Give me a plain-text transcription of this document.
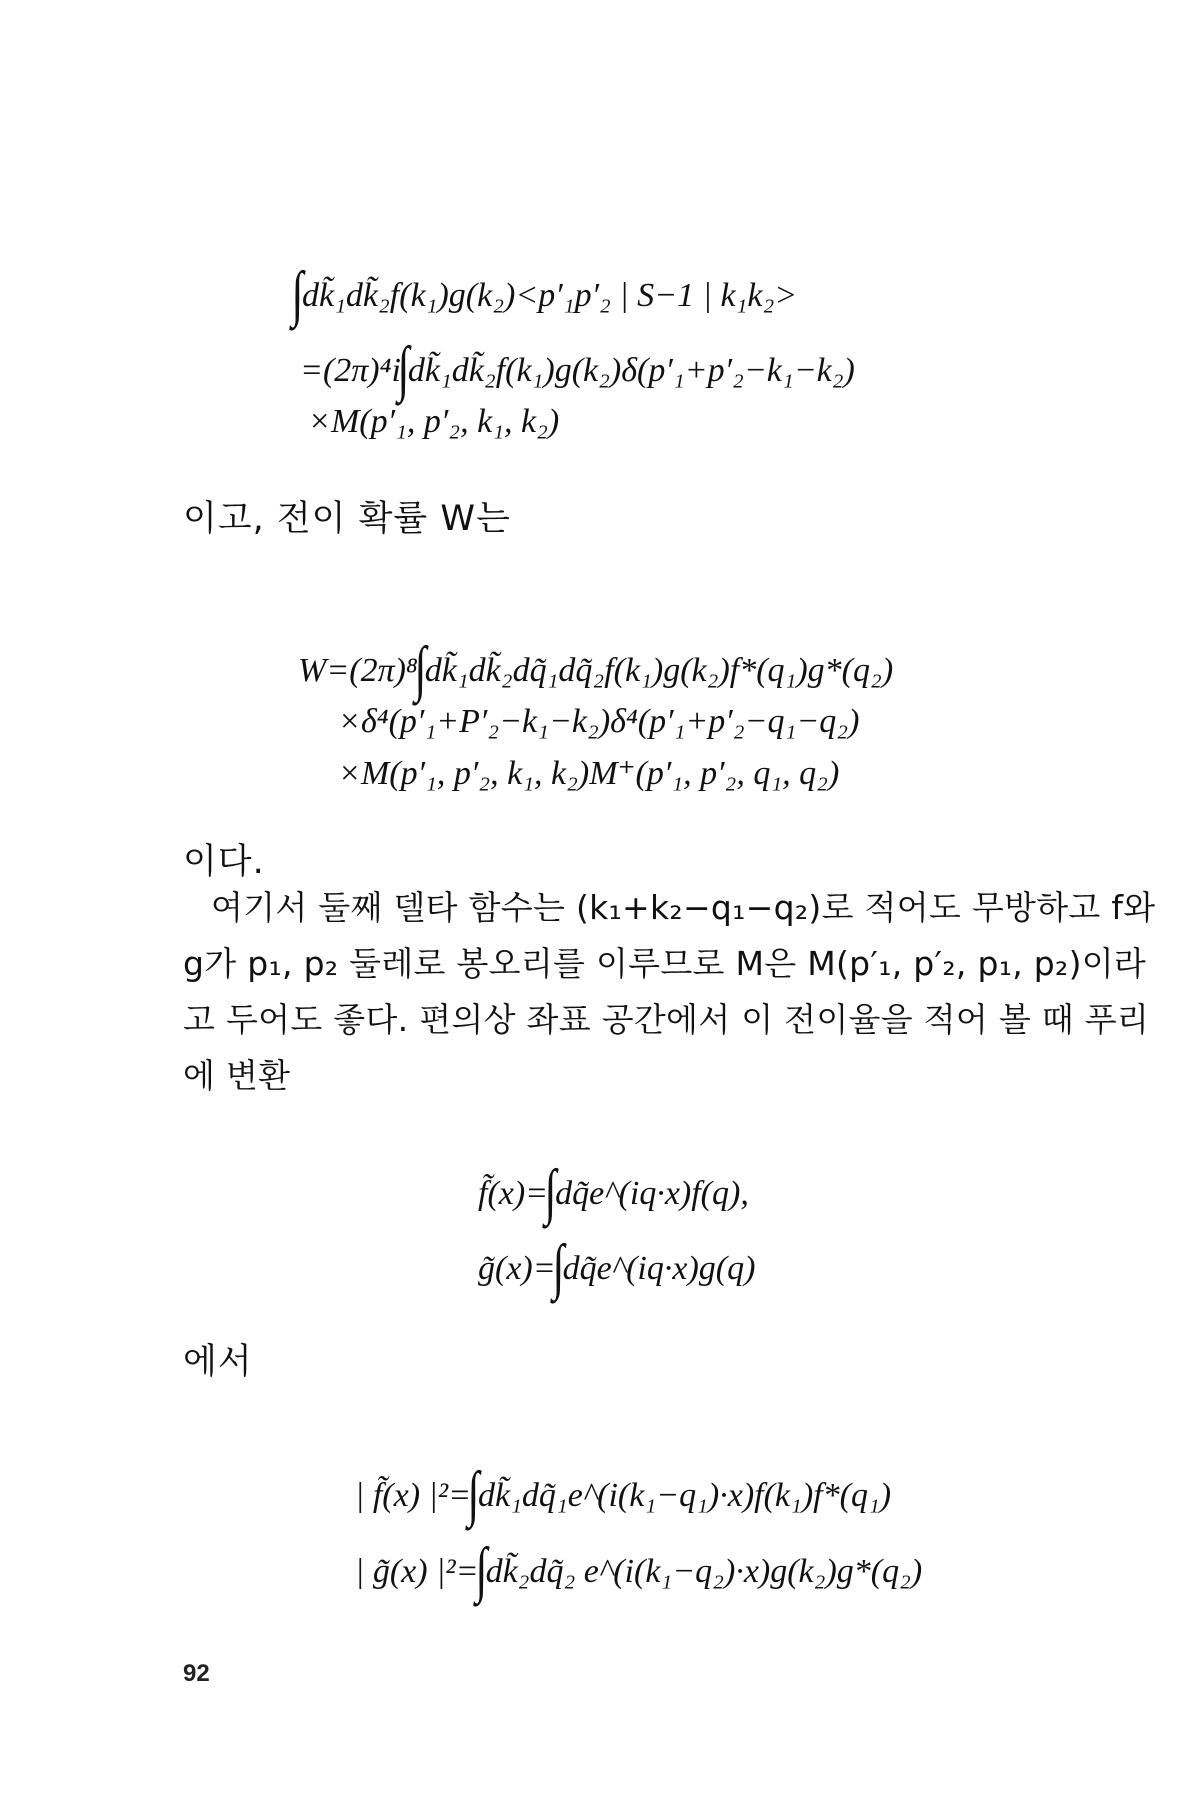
∫dk̃₁dk̃₂f(k₁)g(k₂)<p′₁p′₂ | S−1 | k₁k₂>
=(2π)⁴i∫dk̃₁dk̃₂f(k₁)g(k₂)δ(p′₁+p′₂−k₁−k₂)
×M(p′₁, p′₂, k₁, k₂)
이고, 전이 확률 W는
W=(2π)⁸∫dk̃₁dk̃₂dq̃₁dq̃₂f(k₁)g(k₂)f*(q₁)g*(q₂)
×δ⁴(p′₁+P′₂−k₁−k₂)δ⁴(p′₁+p′₂−q₁−q₂)
×M(p′₁, p′₂, k₁, k₂)M⁺(p′₁, p′₂, q₁, q₂)
이다.
여기서 둘째 델타 함수는 (k₁+k₂−q₁−q₂)로 적어도 무방하고 f와
g가 p₁, p₂ 둘레로 봉오리를 이루므로 M은 M(p′₁, p′₂, p₁, p₂)이라
고 두어도 좋다. 편의상 좌표 공간에서 이 전이율을 적어 볼 때 푸리
에 변환
f̃(x)=∫dq̃e^(iq·x)f(q),
g̃(x)=∫dq̃e^(iq·x)g(q)
에서
| f̃(x) |²=∫dk̃₁dq̃₁e^(i(k₁−q₁)·x)f(k₁)f*(q₁)
| g̃(x) |²=∫dk̃₂dq̃₂ e^(i(k₁−q₂)·x)g(k₂)g*(q₂)
92
